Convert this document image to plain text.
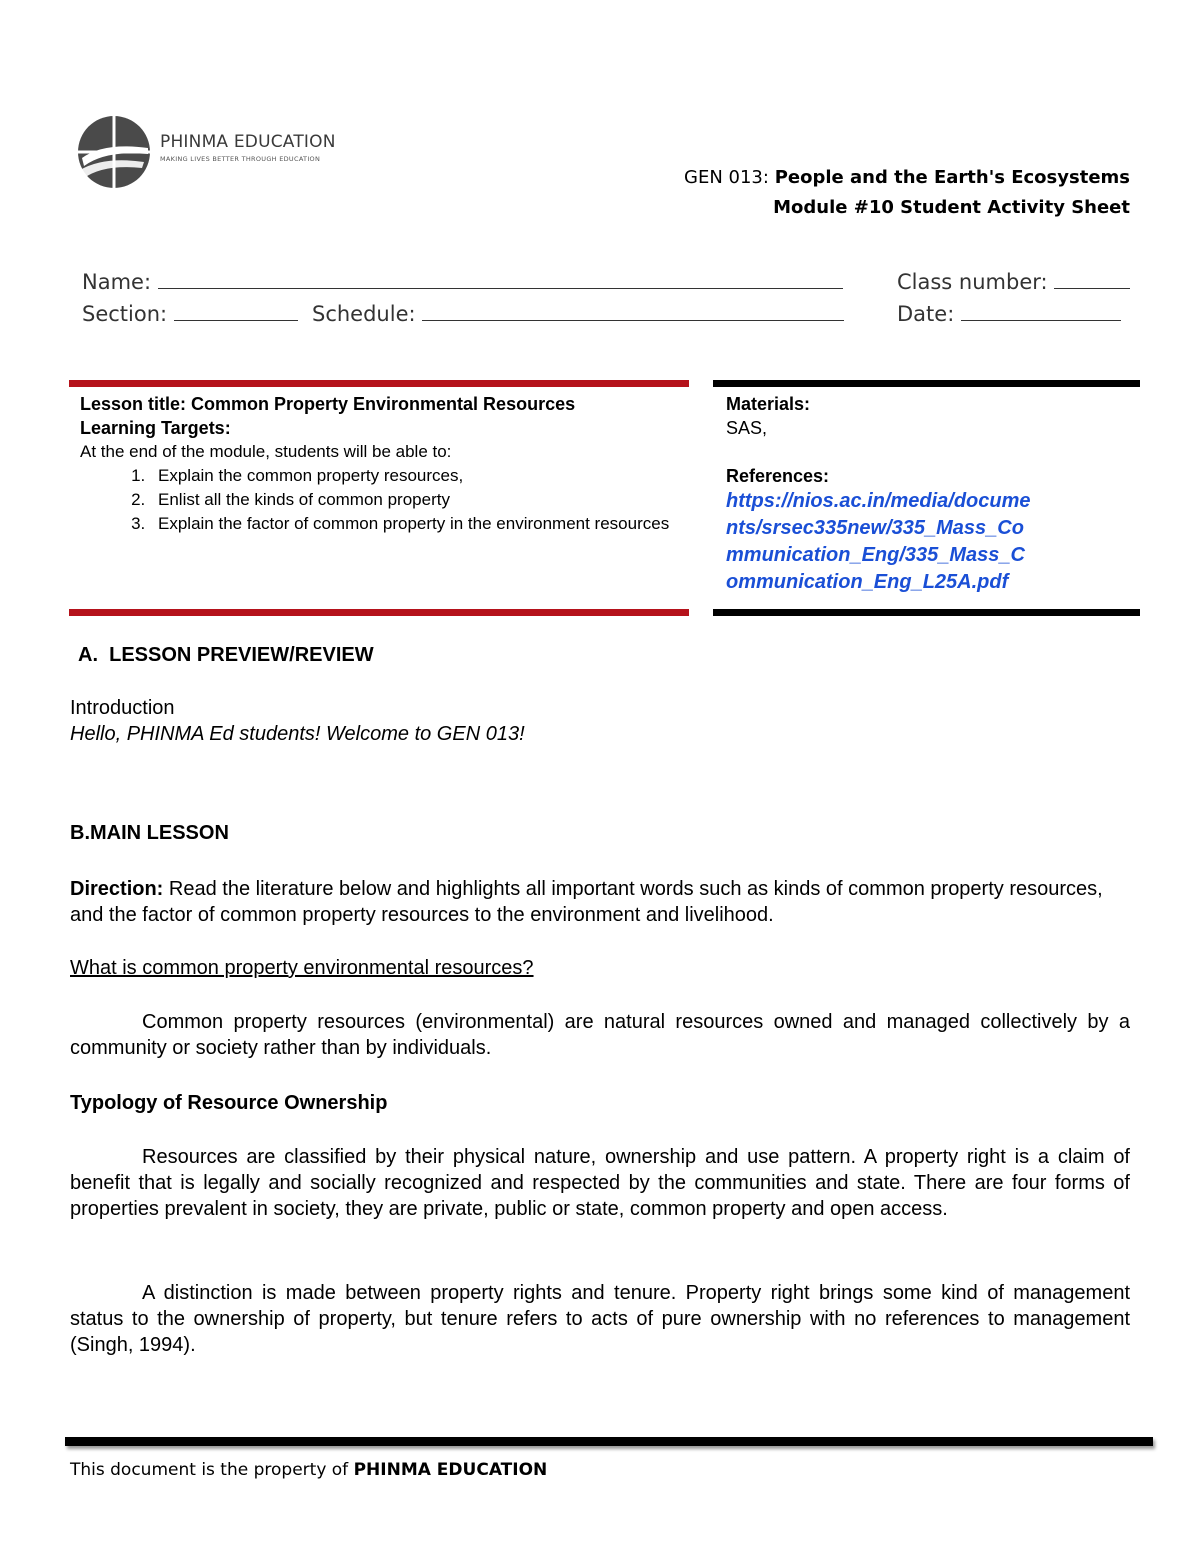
PHINMA EDUCATION
MAKING LIVES BETTER THROUGH EDUCATION
GEN 013: People and the Earth's Ecosystems
Module #10 Student Activity Sheet
Name:	Class number:
Section:	Schedule:	Date:
Lesson title: Common Property Environmental Resources
Learning Targets:
At the end of the module, students will be able to:
1. Explain the common property resources,
2. Enlist all the kinds of common property
3. Explain the factor of common property in the environment resources
Materials:
SAS,
References:
https://nios.ac.in/media/docume
nts/srsec335new/335_Mass_Co
mmunication_Eng/335_Mass_C
ommunication_Eng_L25A.pdf
A.  LESSON PREVIEW/REVIEW
Introduction
Hello, PHINMA Ed students! Welcome to GEN 013!
B.MAIN LESSON
Direction: Read the literature below and highlights all important words such as kinds of common property resources, and the factor of common property resources to the environment and livelihood.
What is common property environmental resources?
Common property resources (environmental) are natural resources owned and managed collectively by a community or society rather than by individuals.
Typology of Resource Ownership
Resources are classified by their physical nature, ownership and use pattern. A property right is a claim of benefit that is legally and socially recognized and respected by the communities and state. There are four forms of properties prevalent in society, they are private, public or state, common property and open access.
A distinction is made between property rights and tenure. Property right brings some kind of management status to the ownership of property, but tenure refers to acts of pure ownership with no references to management (Singh, 1994).
This document is the property of PHINMA EDUCATION
